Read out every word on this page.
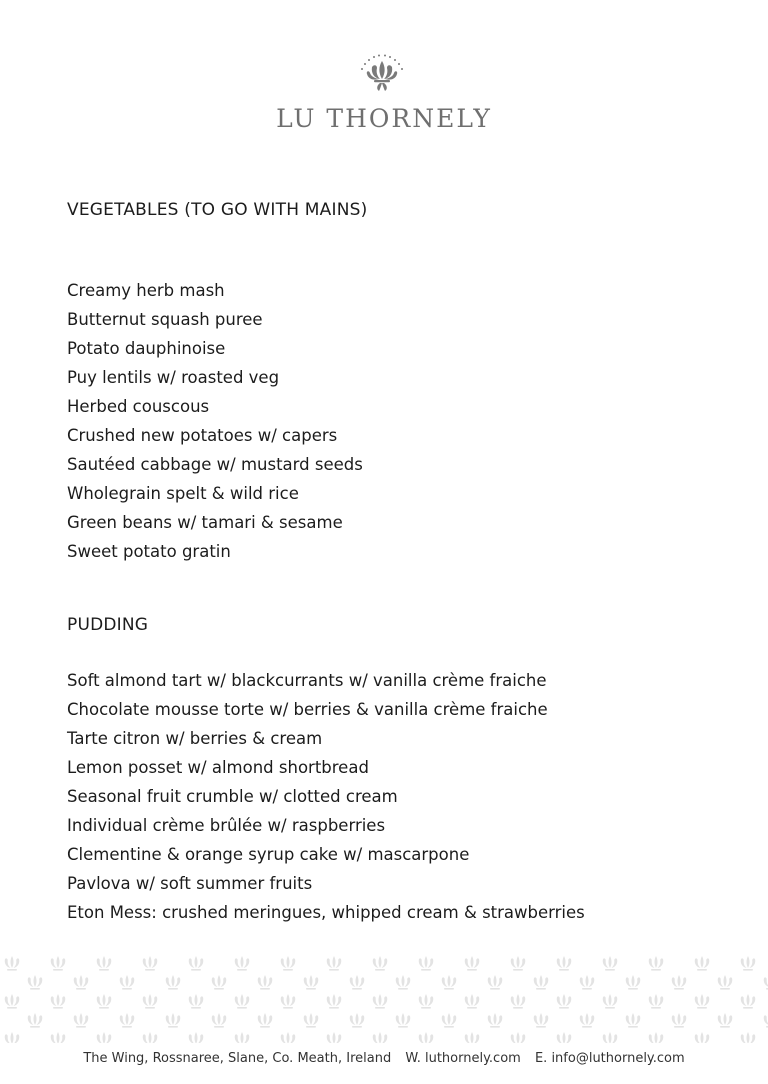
LU THORNELY
VEGETABLES (TO GO WITH MAINS)
Creamy herb mash
Butternut squash puree
Potato dauphinoise
Puy lentils w/ roasted veg
Herbed couscous
Crushed new potatoes w/ capers
Sautéed cabbage w/ mustard seeds
Wholegrain spelt & wild rice
Green beans w/ tamari & sesame
Sweet potato gratin
PUDDING
Soft almond tart w/ blackcurrants w/ vanilla crème fraiche
Chocolate mousse torte w/ berries & vanilla crème fraiche
Tarte citron w/ berries & cream
Lemon posset w/ almond shortbread
Seasonal fruit crumble w/ clotted cream
Individual crème brûlée w/ raspberries
Clementine & orange syrup cake w/ mascarpone
Pavlova w/ soft summer fruits
Eton Mess: crushed meringues, whipped cream & strawberries
The Wing, Rossnaree, Slane, Co. Meath, Ireland W. luthornely.com E. info@luthornely.com
